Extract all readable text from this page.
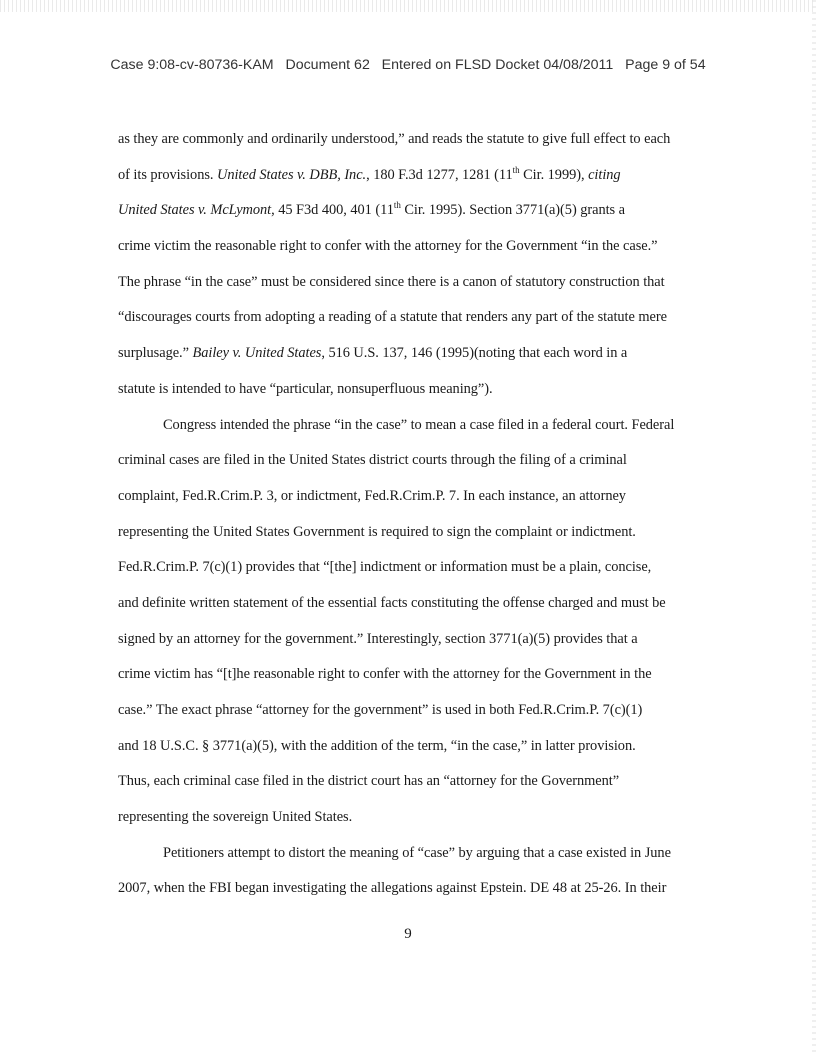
Case 9:08-cv-80736-KAM Document 62 Entered on FLSD Docket 04/08/2011 Page 9 of 54
as they are commonly and ordinarily understood,” and reads the statute to give full effect to each
of its provisions. United States v. DBB, Inc., 180 F.3d 1277, 1281 (11th Cir. 1999), citing
United States v. McLymont, 45 F3d 400, 401 (11th Cir. 1995). Section 3771(a)(5) grants a
crime victim the reasonable right to confer with the attorney for the Government “in the case.”
The phrase “in the case” must be considered since there is a canon of statutory construction that
“discourages courts from adopting a reading of a statute that renders any part of the statute mere
surplusage.” Bailey v. United States, 516 U.S. 137, 146 (1995)(noting that each word in a
statute is intended to have “particular, nonsuperfluous meaning”).
Congress intended the phrase “in the case” to mean a case filed in a federal court. Federal
criminal cases are filed in the United States district courts through the filing of a criminal
complaint, Fed.R.Crim.P. 3, or indictment, Fed.R.Crim.P. 7. In each instance, an attorney
representing the United States Government is required to sign the complaint or indictment.
Fed.R.Crim.P. 7(c)(1) provides that “[the] indictment or information must be a plain, concise,
and definite written statement of the essential facts constituting the offense charged and must be
signed by an attorney for the government.” Interestingly, section 3771(a)(5) provides that a
crime victim has “[t]he reasonable right to confer with the attorney for the Government in the
case.” The exact phrase “attorney for the government” is used in both Fed.R.Crim.P. 7(c)(1)
and 18 U.S.C. § 3771(a)(5), with the addition of the term, “in the case,” in latter provision.
Thus, each criminal case filed in the district court has an “attorney for the Government”
representing the sovereign United States.
Petitioners attempt to distort the meaning of “case” by arguing that a case existed in June
2007, when the FBI began investigating the allegations against Epstein. DE 48 at 25-26. In their
9
